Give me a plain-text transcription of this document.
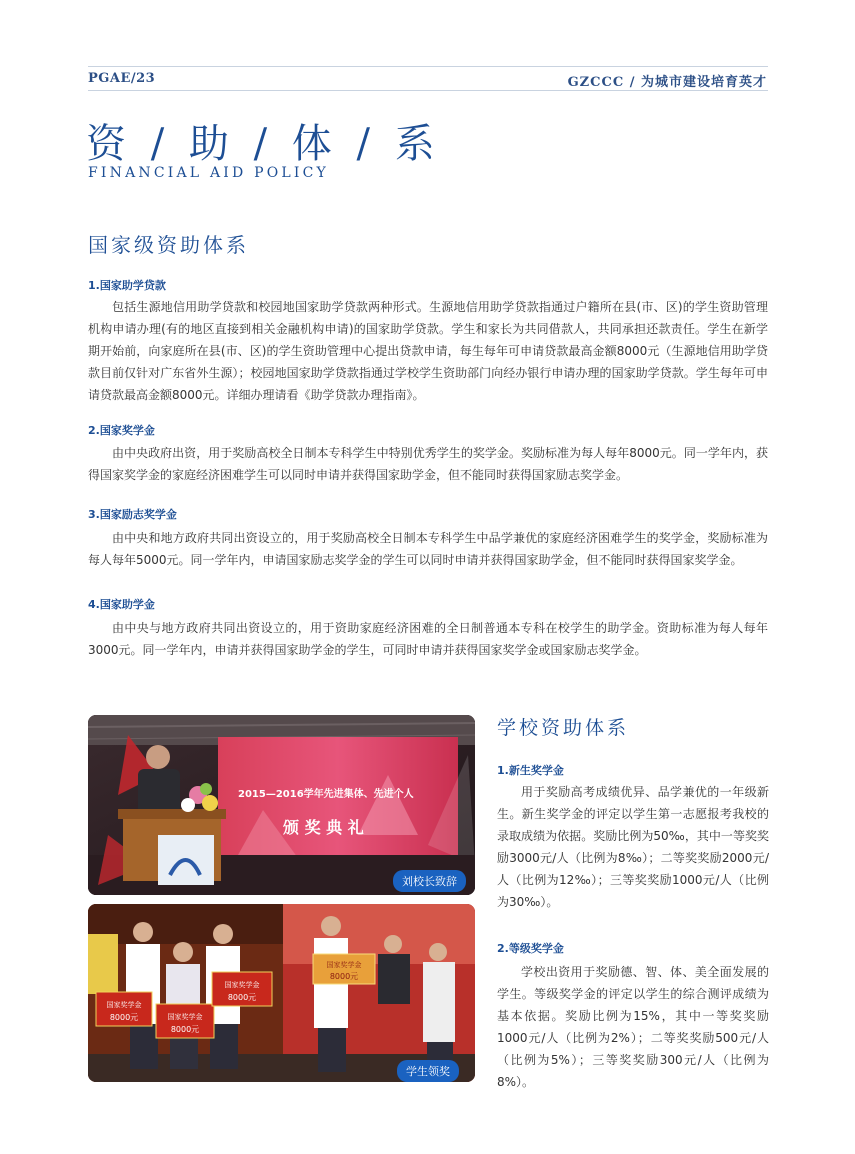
PGAE/23	GZCCC / 为城市建设培育英才
资 / 助 / 体 / 系
FINANCIAL AID POLICY
国家级资助体系
1.国家助学贷款
包括生源地信用助学贷款和校园地国家助学贷款两种形式。生源地信用助学贷款指通过户籍所在县(市、区)的学生资助管理机构申请办理(有的地区直接到相关金融机构申请)的国家助学贷款。学生和家长为共同借款人，共同承担还款责任。学生在新学期开始前，向家庭所在县(市、区)的学生资助管理中心提出贷款申请，每生每年可申请贷款最高金额8000元（生源地信用助学贷款目前仅针对广东省外生源）；校园地国家助学贷款指通过学校学生资助部门向经办银行申请办理的国家助学贷款。学生每年可申请贷款最高金额8000元。详细办理请看《助学贷款办理指南》。
2.国家奖学金
由中央政府出资，用于奖励高校全日制本专科学生中特别优秀学生的奖学金。奖励标准为每人每年8000元。同一学年内，获得国家奖学金的家庭经济困难学生可以同时申请并获得国家助学金，但不能同时获得国家励志奖学金。
3.国家励志奖学金
由中央和地方政府共同出资设立的，用于奖励高校全日制本专科学生中品学兼优的家庭经济困难学生的奖学金，奖励标准为每人每年5000元。同一学年内，申请国家励志奖学金的学生可以同时申请并获得国家助学金，但不能同时获得国家奖学金。
4.国家助学金
由中央与地方政府共同出资设立的，用于资助家庭经济困难的全日制普通本专科在校学生的助学金。资助标准为每人每年3000元。同一学年内，申请并获得国家助学金的学生，可同时申请并获得国家奖学金或国家励志奖学金。
2015—2016学年先进集体、先进个人
颁 奖 典 礼
刘校长致辞
国家奖学金
8000元	国家奖学金
8000元
国家奖学金
8000元
国家奖学金
8000元
学生领奖
学校资助体系
1.新生奖学金
用于奖励高考成绩优异、品学兼优的一年级新生。新生奖学金的评定以学生第一志愿报考我校的录取成绩为依据。奖励比例为50‰，其中一等奖奖励3000元/人（比例为8‰）；二等奖奖励2000元/人（比例为12‰）；三等奖奖励1000元/人（比例为30‰）。
2.等级奖学金
学校出资用于奖励德、智、体、美全面发展的学生。等级奖学金的评定以学生的综合测评成绩为基本依据。奖励比例为15%，其中一等奖奖励1000元/人（比例为2%）；二等奖奖励500元/人（比例为5%）；三等奖奖励300元/人（比例为8%）。
